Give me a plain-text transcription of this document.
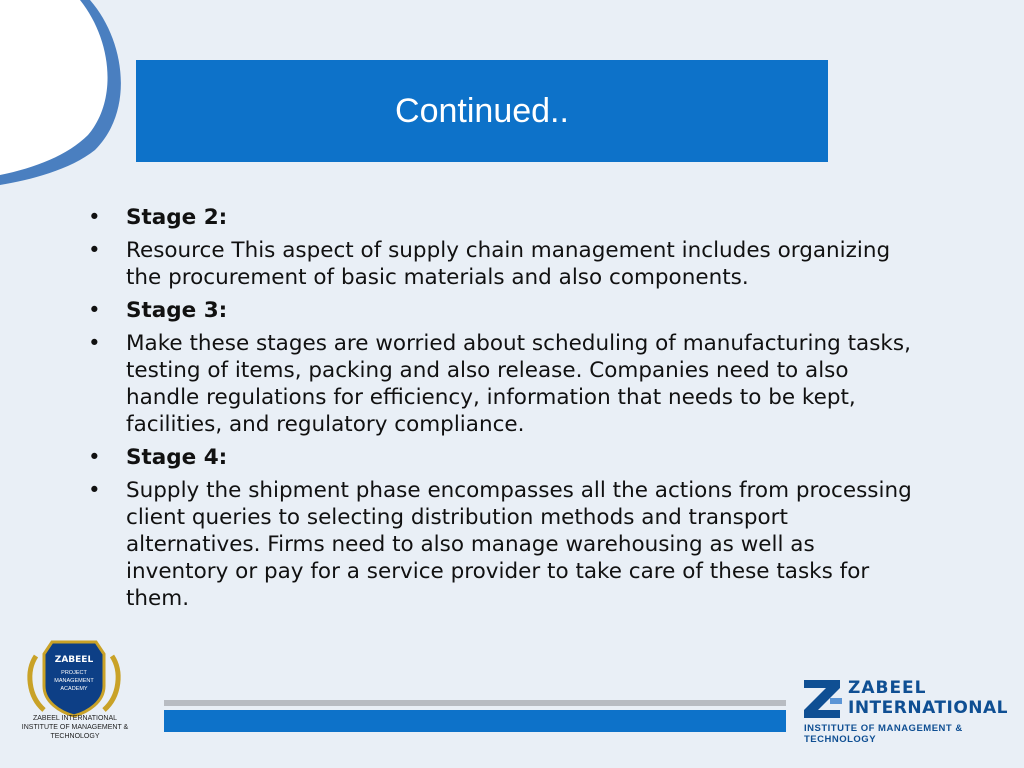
Continued..
•	Stage 2:
•	Resource This aspect of supply chain management includes organizing the procurement of basic materials and also components.
•	Stage 3:
•	Make these stages are worried about scheduling of manufacturing tasks, testing of items, packing and also release. Companies need to also handle regulations for efficiency, information that needs to be kept, facilities, and regulatory compliance.
•	Stage 4:
•	Supply the shipment phase encompasses all the actions from processing client queries to selecting distribution methods and transport alternatives. Firms need to also manage warehousing as well as inventory or pay for a service provider to take care of these tasks for them.
ZABEEL
PROJECT
MANAGEMENT
ACADEMY
ZABEEL INTERNATIONAL
INSTITUTE OF MANAGEMENT & TECHNOLOGY
ZABEEL
INTERNATIONAL
INSTITUTE OF MANAGEMENT & TECHNOLOGY
